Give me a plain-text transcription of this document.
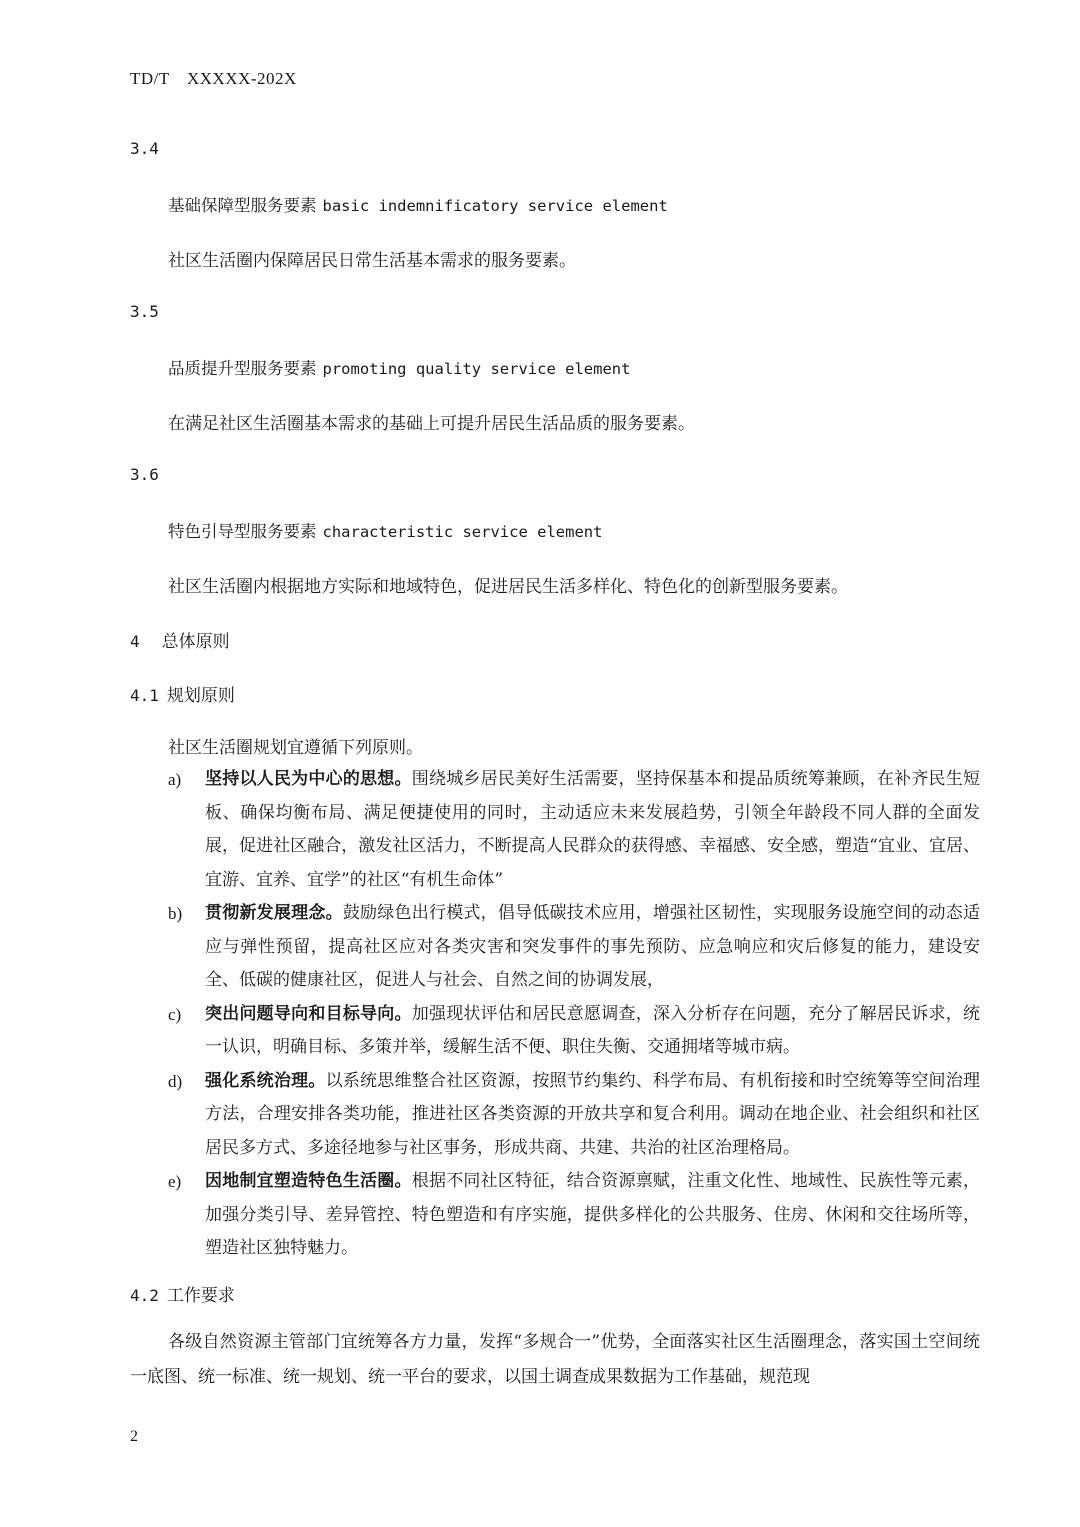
TD/T　XXXXX-202X
3.4
基础保障型服务要素 basic indemnificatory service element
社区生活圈内保障居民日常生活基本需求的服务要素。
3.5
品质提升型服务要素 promoting quality service element
在满足社区生活圈基本需求的基础上可提升居民生活品质的服务要素。
3.6
特色引导型服务要素 characteristic service element
社区生活圈内根据地方实际和地域特色，促进居民生活多样化、特色化的创新型服务要素。
4 总体原则
4.1 规划原则
社区生活圈规划宜遵循下列原则。
a) 坚持以人民为中心的思想。围绕城乡居民美好生活需要，坚持保基本和提品质统筹兼顾，在补齐民生短板、确保均衡布局、满足便捷使用的同时，主动适应未来发展趋势，引领全年龄段不同人群的全面发展，促进社区融合，激发社区活力，不断提高人民群众的获得感、幸福感、安全感，塑造“宜业、宜居、宜游、宜养、宜学”的社区“有机生命体”
b) 贯彻新发展理念。鼓励绿色出行模式，倡导低碳技术应用，增强社区韧性，实现服务设施空间的动态适应与弹性预留，提高社区应对各类灾害和突发事件的事先预防、应急响应和灾后修复的能力，建设安全、低碳的健康社区，促进人与社会、自然之间的协调发展，
c) 突出问题导向和目标导向。加强现状评估和居民意愿调查，深入分析存在问题，充分了解居民诉求，统一认识，明确目标、多策并举，缓解生活不便、职住失衡、交通拥堵等城市病。
d) 强化系统治理。以系统思维整合社区资源，按照节约集约、科学布局、有机衔接和时空统筹等空间治理方法，合理安排各类功能，推进社区各类资源的开放共享和复合利用。调动在地企业、社会组织和社区居民多方式、多途径地参与社区事务，形成共商、共建、共治的社区治理格局。
e) 因地制宜塑造特色生活圈。根据不同社区特征，结合资源禀赋，注重文化性、地域性、民族性等元素，加强分类引导、差异管控、特色塑造和有序实施，提供多样化的公共服务、住房、休闲和交往场所等，塑造社区独特魅力。
4.2 工作要求
各级自然资源主管部门宜统筹各方力量，发挥“多规合一”优势，全面落实社区生活圈理念，落实国土空间统一底图、统一标准、统一规划、统一平台的要求，以国土调查成果数据为工作基础，规范现
2
